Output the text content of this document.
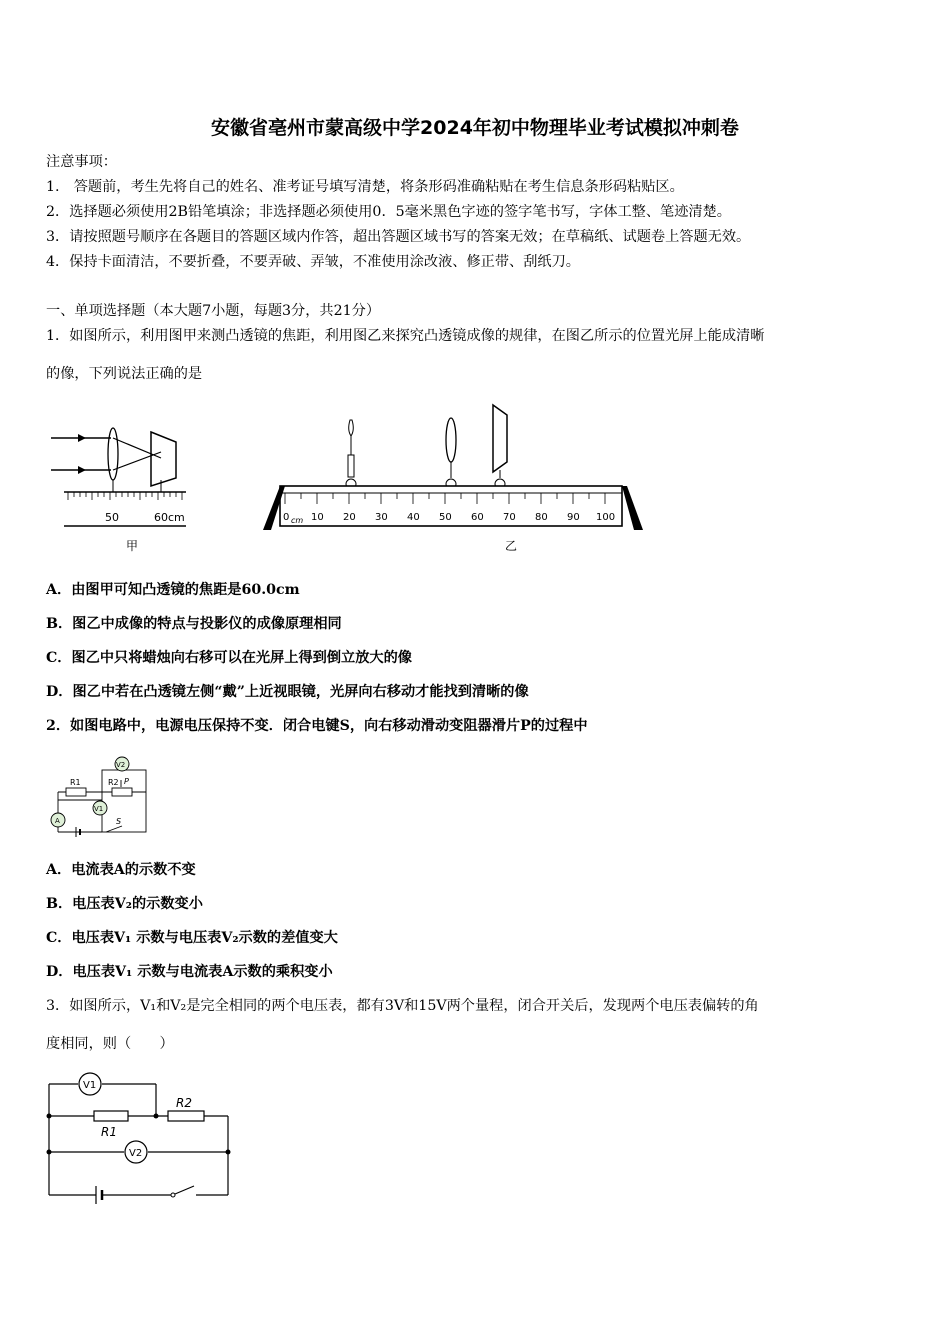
安徽省亳州市蒙高级中学2024年初中物理毕业考试模拟冲刺卷
注意事项：
1.　答题前，考生先将自己的姓名、准考证号填写清楚，将条形码准确粘贴在考生信息条形码粘贴区。
2．选择题必须使用2B铅笔填涂；非选择题必须使用0．5毫米黑色字迹的签字笔书写，字体工整、笔迹清楚。
3．请按照题号顺序在各题目的答题区域内作答，超出答题区域书写的答案无效；在草稿纸、试题卷上答题无效。
4．保持卡面清洁，不要折叠，不要弄破、弄皱，不准使用涂改液、修正带、刮纸刀。
一、单项选择题（本大题7小题，每题3分，共21分）
1．如图所示，利用图甲来测凸透镜的焦距，利用图乙来探究凸透镜成像的规律，在图乙所示的位置光屏上能成清晰
的像，下列说法正确的是
50	60cm
甲
0 cm 10 20 30 40 50 60 70 80 90 100
乙
A．由图甲可知凸透镜的焦距是60.0cm
B．图乙中成像的特点与投影仪的成像原理相同
C．图乙中只将蜡烛向右移可以在光屏上得到倒立放大的像
D．图乙中若在凸透镜左侧“戴”上近视眼镜，光屏向右移动才能找到清晰的像
2．如图电路中，电源电压保持不变．闭合电键S，向右移动滑动变阻器滑片P的过程中
R1	R2 P
V2
V1
A	S
A．电流表A的示数不变
B．电压表V₂的示数变小
C．电压表V₁ 示数与电压表V₂示数的差值变大
D．电压表V₁ 示数与电流表A示数的乘积变小
3．如图所示，V₁和V₂是完全相同的两个电压表，都有3V和15V两个量程，闭合开关后，发现两个电压表偏转的角
度相同，则（　　）
V1
V2
R1
R2
